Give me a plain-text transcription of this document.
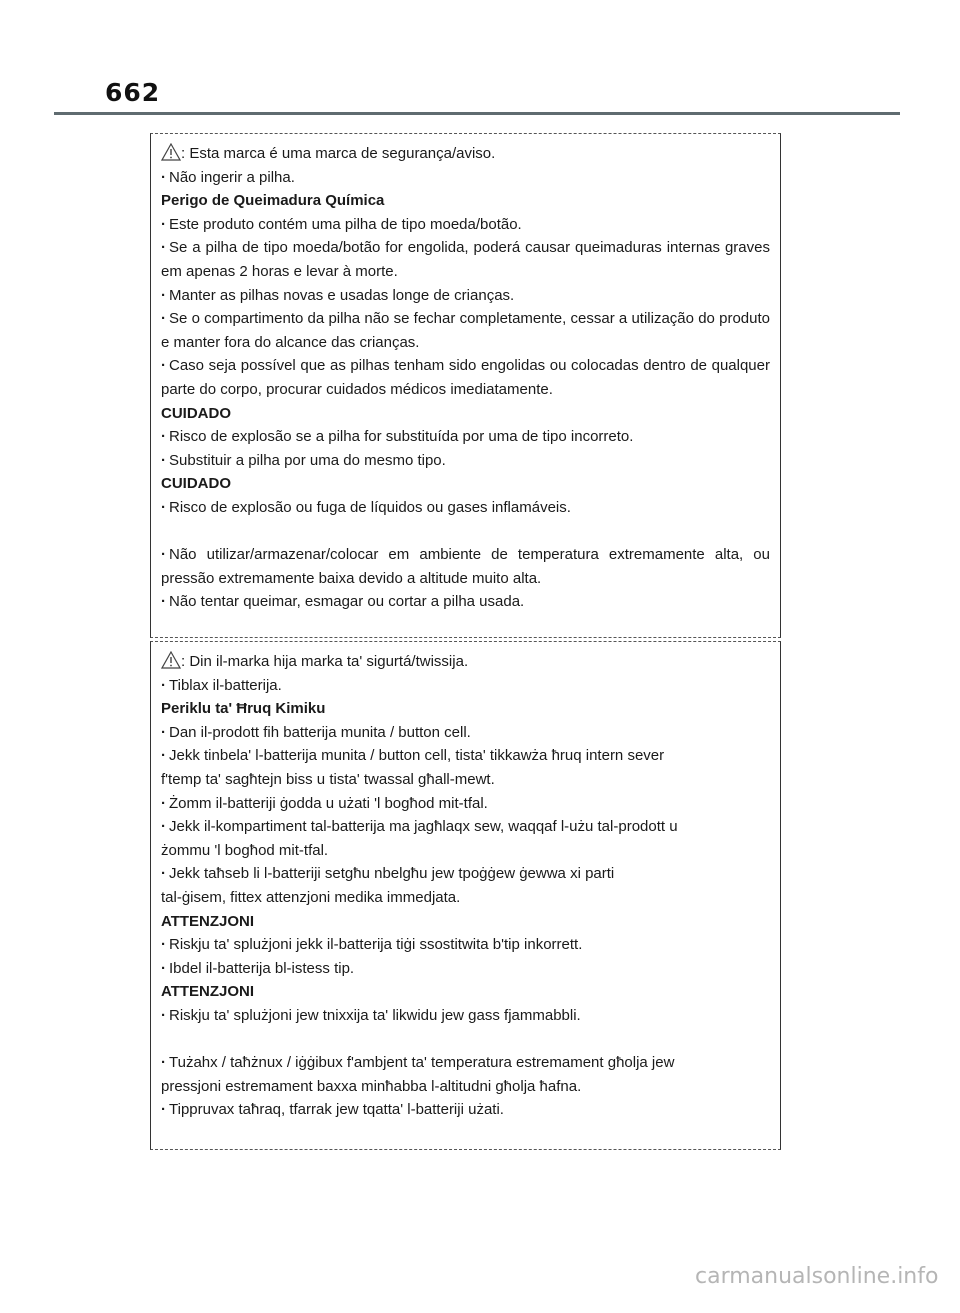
662

: Esta marca é uma marca de segurança/aviso.

· Não ingerir a pilha.

Perigo de Queimadura Química

· Este produto contém uma pilha de tipo moeda/botão.

· Se a pilha de tipo moeda/botão for engolida, poderá causar queimaduras internas graves em apenas 2 horas e levar à morte.

· Manter as pilhas novas e usadas longe de crianças.

· Se o compartimento da pilha não se fechar completamente, cessar a utilização do produto e manter fora do alcance das crianças.

· Caso seja possível que as pilhas tenham sido engolidas ou colocadas dentro de qualquer parte do corpo, procurar cuidados médicos imediatamente.

CUIDADO

· Risco de explosão se a pilha for substituída por uma de tipo incorreto.

· Substituir a pilha por uma do mesmo tipo.

CUIDADO

· Risco de explosão ou fuga de líquidos ou gases inflamáveis.

· Não utilizar/armazenar/colocar em ambiente de temperatura extremamente alta, ou pressão extremamente baixa devido a altitude muito alta.

· Não tentar queimar, esmagar ou cortar a pilha usada.

: Din il-marka hija marka ta' sigurtá/twissija.

· Tiblax il-batterija.

Periklu ta' Ħruq Kimiku

· Dan il-prodott fih batterija munita / button cell.

· Jekk tinbela' l-batterija munita / button cell, tista' tikkawża ħruq intern sever
f'temp ta' sagħtejn biss u tista' twassal għall-mewt.

· Żomm il-batteriji ġodda u użati 'l bogħod mit-tfal.

· Jekk il-kompartiment tal-batterija ma jagħlaqx sew, waqqaf l-użu tal-prodott u
żommu 'l bogħod mit-tfal.

· Jekk taħseb li l-batteriji setgħu nbelgħu jew tpoġġew ġewwa xi parti
tal-ġisem, fittex attenzjoni medika immedjata.

ATTENZJONI

· Riskju ta' splużjoni jekk il-batterija tiġi ssostitwita b'tip inkorrett.

· Ibdel il-batterija bl-istess tip.

ATTENZJONI

· Riskju ta' splużjoni jew tnixxija ta' likwidu jew gass fjammabbli.

· Tużahx / taħżnux / iġġibux f'ambjent ta' temperatura estremament għolja jew
pressjoni estremament baxxa minħabba l-altitudni għolja ħafna.

· Tippruvax taħraq, tfarrak jew tqatta' l-batteriji użati.

carmanualsonline.info
